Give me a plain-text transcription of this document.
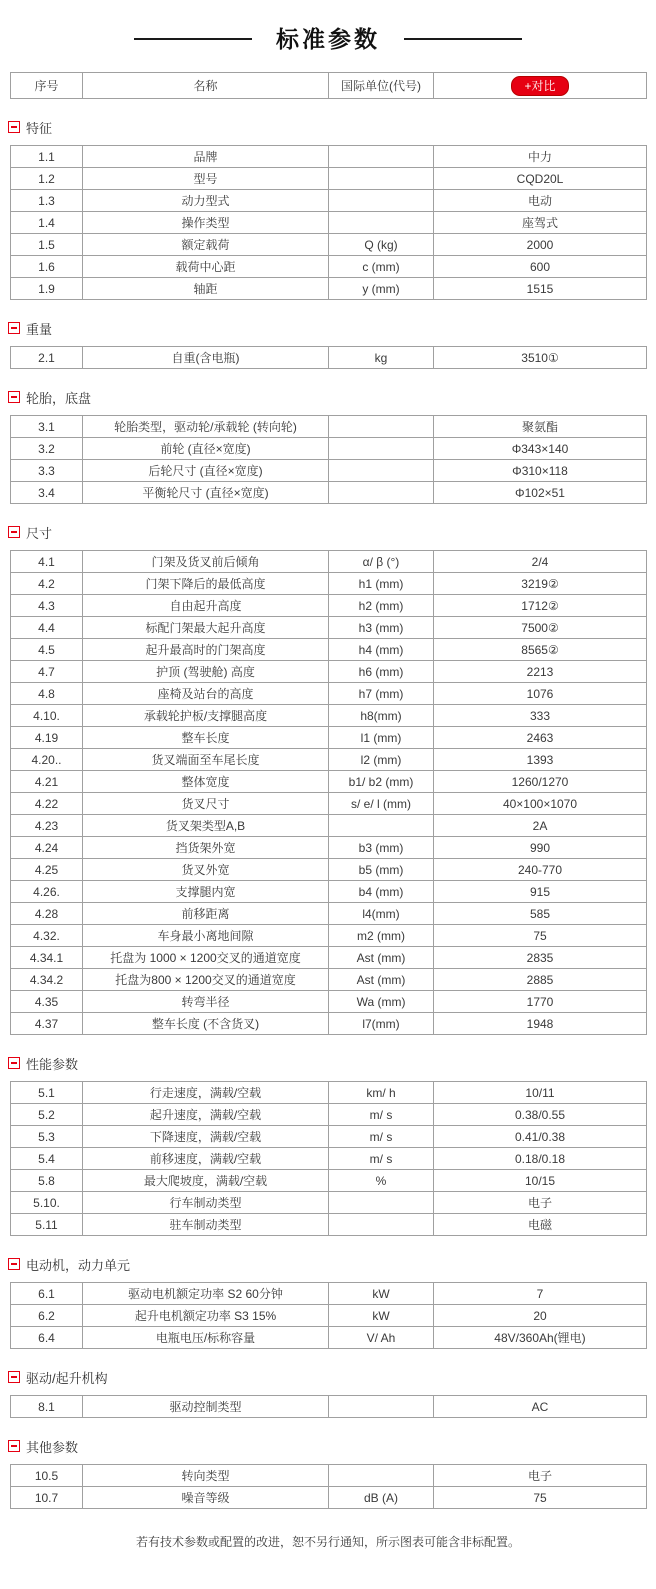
标准参数
序号	名称	国际单位(代号)	+对比
特征
1.1	品牌		中力
1.2	型号		CQD20L
1.3	动力型式		电动
1.4	操作类型		座驾式
1.5	额定载荷	Q (kg)	2000
1.6	载荷中心距	c (mm)	600
1.9	轴距	y (mm)	1515
重量
2.1	自重(含电瓶)	kg	3510①
轮胎，底盘
3.1	轮胎类型，驱动轮/承载轮 (转向轮)		聚氨酯
3.2	前轮 (直径×宽度)		Φ343×140
3.3	后轮尺寸 (直径×宽度)		Φ310×118
3.4	平衡轮尺寸 (直径×宽度)		Φ102×51
尺寸
4.1	门架及货叉前后倾角	α/ β (°)	2/4
4.2	门架下降后的最低高度	h1 (mm)	3219②
4.3	自由起升高度	h2 (mm)	1712②
4.4	标配门架最大起升高度	h3 (mm)	7500②
4.5	起升最高时的门架高度	h4 (mm)	8565②
4.7	护顶 (驾驶舱) 高度	h6 (mm)	2213
4.8	座椅及站台的高度	h7 (mm)	1076
4.10.	承载轮护板/支撑腿高度	h8(mm)	333
4.19	整车长度	l1 (mm)	2463
4.20..	货叉端面至车尾长度	l2 (mm)	1393
4.21	整体宽度	b1/ b2 (mm)	1260/1270
4.22	货叉尺寸	s/ e/ l (mm)	40×100×1070
4.23	货叉架类型A,B		2A
4.24	挡货架外宽	b3 (mm)	990
4.25	货叉外宽	b5 (mm)	240-770
4.26.	支撑腿内宽	b4 (mm)	915
4.28	前移距离	l4(mm)	585
4.32.	车身最小离地间隙	m2 (mm)	75
4.34.1	托盘为 1000 × 1200交叉的通道宽度	Ast (mm)	2835
4.34.2	托盘为800 × 1200交叉的通道宽度	Ast (mm)	2885
4.35	转弯半径	Wa (mm)	1770
4.37	整车长度 (不含货叉)	l7(mm)	1948
性能参数
5.1	行走速度，满载/空载	km/ h	10/11
5.2	起升速度，满载/空载	m/ s	0.38/0.55
5.3	下降速度，满载/空载	m/ s	0.41/0.38
5.4	前移速度，满载/空载	m/ s	0.18/0.18
5.8	最大爬坡度，满载/空载	%	10/15
5.10.	行车制动类型		电子
5.11	驻车制动类型		电磁
电动机，动力单元
6.1	驱动电机额定功率 S2 60分钟	kW	7
6.2	起升电机额定功率 S3 15%	kW	20
6.4	电瓶电压/标称容量	V/ Ah	48V/360Ah(锂电)
驱动/起升机构
8.1	驱动控制类型		AC
其他参数
10.5	转向类型		电子
10.7	噪音等级	dB (A)	75
若有技术参数或配置的改进，恕不另行通知，所示图表可能含非标配置。
